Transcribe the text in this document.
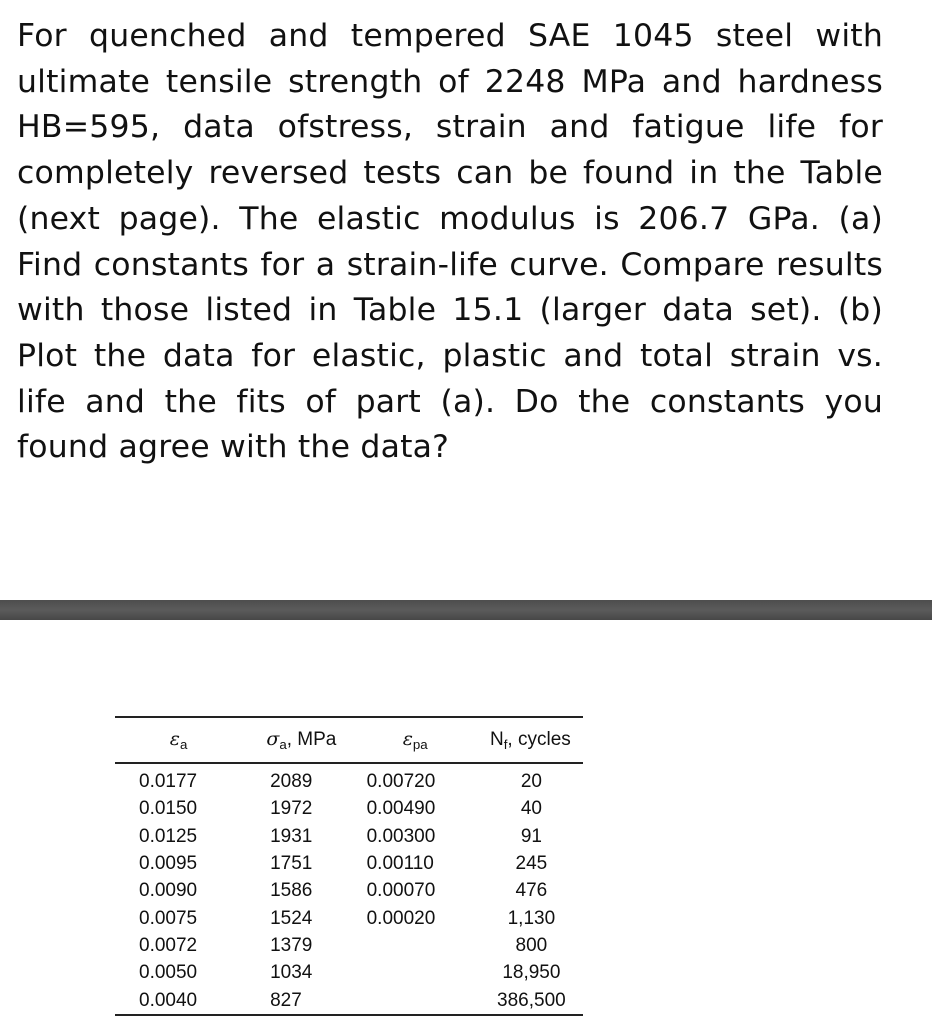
For quenched and tempered SAE 1045 steel with ultimate tensile strength of 2248 MPa and hardness HB=595, data ofstress, strain and fatigue life for completely reversed tests can be found in the Table (next page). The elastic modulus is 206.7 GPa. (a) Find constants for a strain-life curve. Compare results with those listed in Table 15.1 (larger data set). (b) Plot the data for elastic, plastic and total strain vs. life and the fits of part (a). Do the constants you found agree with the data?
$\varepsilon_a$	$\sigma_a$, MPa	$\varepsilon_{pa}$	$N_f$, cycles
0.0177	2089	0.00720	20
0.0150	1972	0.00490	40
0.0125	1931	0.00300	91
0.0095	1751	0.00110	245
0.0090	1586	0.00070	476
0.0075	1524	0.00020	1,130
0.0072	1379		800
0.0050	1034		18,950
0.0040	827		386,500
